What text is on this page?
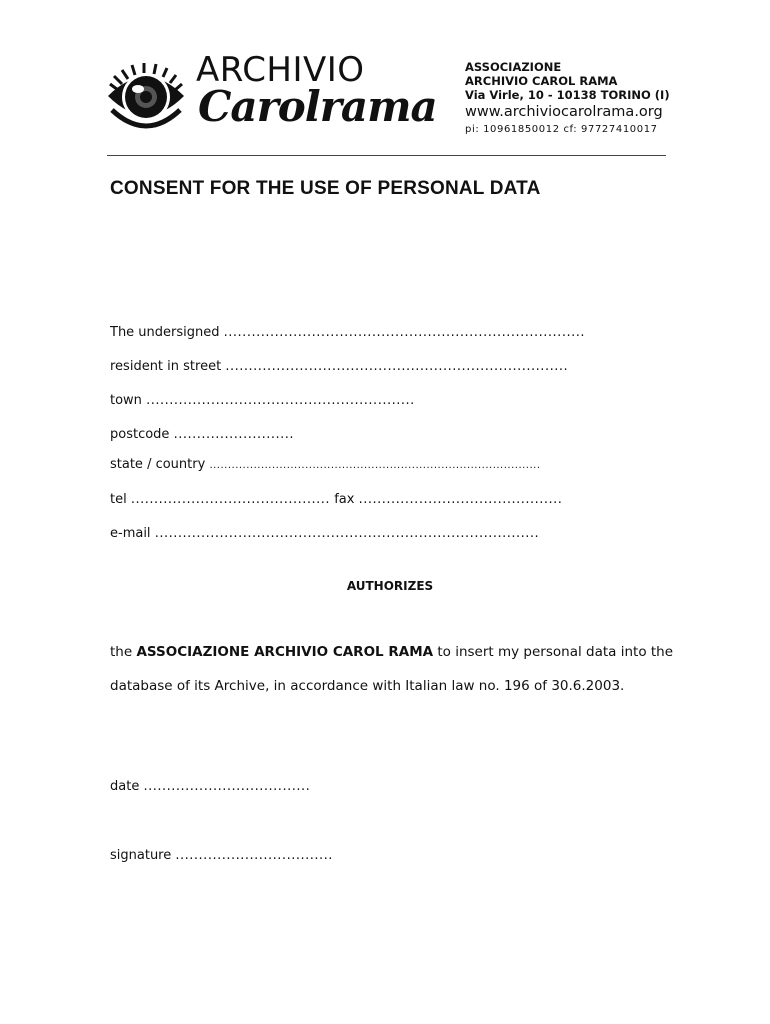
ARCHIVIO
Carolrama
ASSOCIAZIONE
ARCHIVIO CAROL RAMA
Via Virle, 10 - 10138 TORINO (I)
www.archiviocarolrama.org
pi: 10961850012 cf: 97727410017
CONSENT FOR THE USE OF PERSONAL DATA
The undersigned ..............................................................................
resident in street ..........................................................................
town ..........................................................
postcode ..........................
state / country ..........................................................................................
tel ........................................... fax ............................................
e-mail ...................................................................................
AUTHORIZES
the ASSOCIAZIONE ARCHIVIO CAROL RAMA to insert my personal data into the
database of its Archive, in accordance with Italian law no. 196 of 30.6.2003.
date ....................................
signature ..................................
